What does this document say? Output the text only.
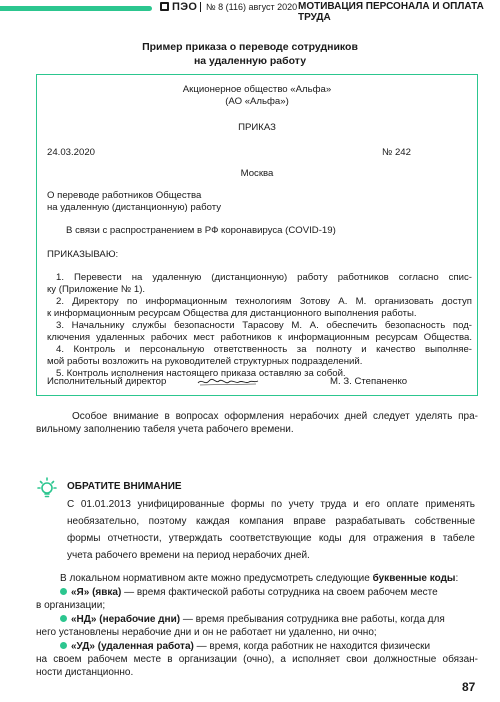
ПЭО № 8 (116) август 2020 МОТИВАЦИЯ ПЕРСОНАЛА И ОПЛАТА ТРУДА
Пример приказа о переводе сотрудников
на удаленную работу
Акционерное общество «Альфа»
(АО «Альфа»)
ПРИКАЗ
24.03.2020	№ 242
Москва
О переводе работников Общества
на удаленную (дистанционную) работу
В связи с распространением в РФ коронавируса (COVID-19)
ПРИКАЗЫВАЮ:
1. Перевести на удаленную (дистанционную) работу работников согласно спис-
ку (Приложение № 1).
2. Директору по информационным технологиям Зотову А. М. организовать доступ
к информационным ресурсам Общества для дистанционного выполнения работы.
3. Начальнику службы безопасности Тарасову М. А. обеспечить безопасность под-
ключения удаленных рабочих мест работников к информационным ресурсам Общества.
4. Контроль и персональную ответственность за полноту и качество выполняе-
мой работы возложить на руководителей структурных подразделений.
5. Контроль исполнения настоящего приказа оставляю за собой.
Исполнительный директор	М. З. Степаненко
Особое внимание в вопросах оформления нерабочих дней следует уделять пра-
вильному заполнению табеля учета рабочего времени.
ОБРАТИТЕ ВНИМАНИЕ
С 01.01.2013 унифицированные формы по учету труда и его оплате применять
необязательно, поэтому каждая компания вправе разрабатывать собственные
формы отчетности, утверждать соответствующие коды для отражения в табеле
учета рабочего времени на период нерабочих дней.
В локальном нормативном акте можно предусмотреть следующие буквенные коды:
«Я» (явка) — время фактической работы сотрудника на своем рабочем месте
в организации;
«НД» (нерабочие дни) — время пребывания сотрудника вне работы, когда для
него установлены нерабочие дни и он не работает ни удаленно, ни очно;
«УД» (удаленная работа) — время, когда работник не находится физически
на своем рабочем месте в организации (очно), а исполняет свои должностные обязан-
ности дистанционно.
87
